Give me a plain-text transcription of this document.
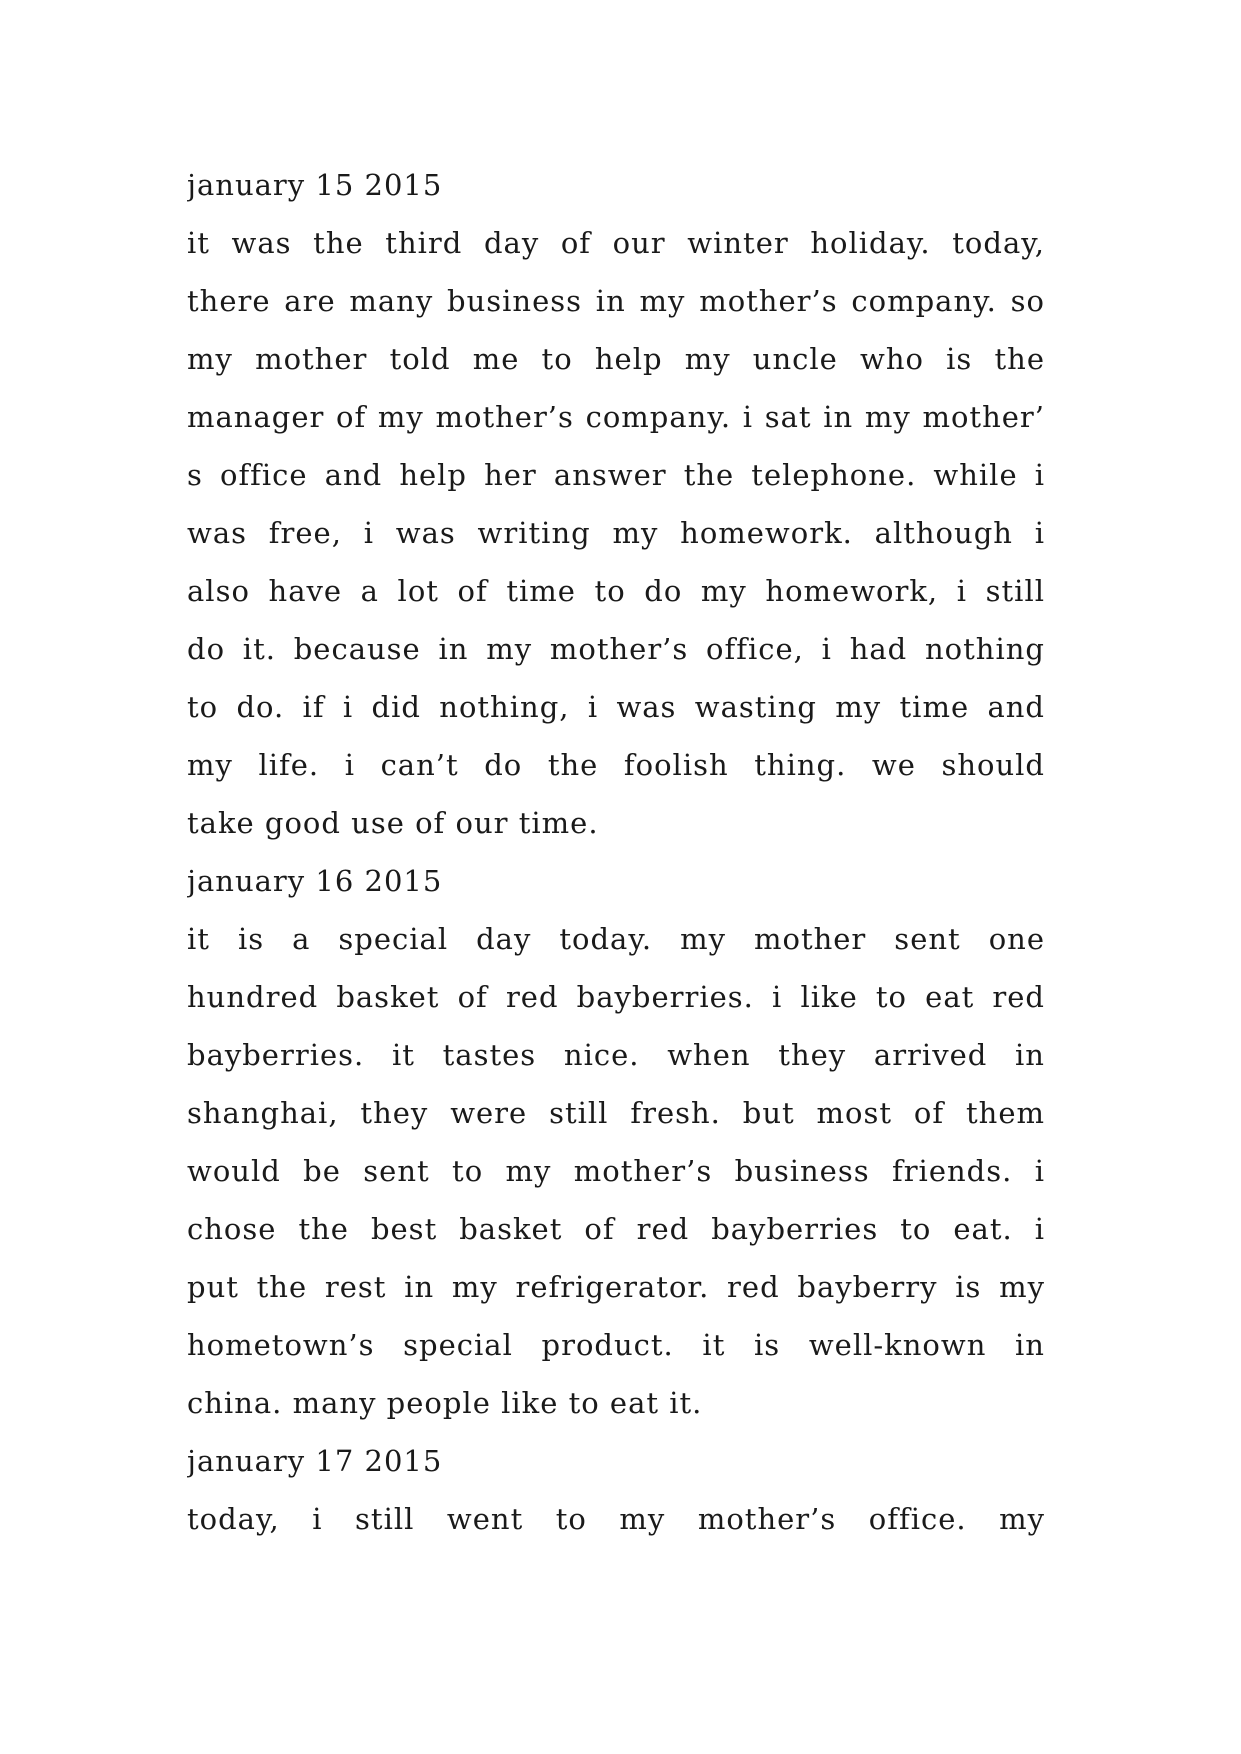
january 15 2015
it was the third day of our winter holiday. today,
there are many business in my mother’s company. so
my mother told me to help my uncle who is the
manager of my mother’s company. i sat in my mother’
s office and help her answer the telephone. while i
was free, i was writing my homework. although i
also have a lot of time to do my homework, i still
do it. because in my mother’s office, i had nothing
to do. if i did nothing, i was wasting my time and
my life. i can’t do the foolish thing. we should
take good use of our time.
january 16 2015
it is a special day today. my mother sent one
hundred basket of red bayberries. i like to eat red
bayberries. it tastes nice. when they arrived in
shanghai, they were still fresh. but most of them
would be sent to my mother’s business friends. i
chose the best basket of red bayberries to eat. i
put the rest in my refrigerator. red bayberry is my
hometown’s special product. it is well-known in
china. many people like to eat it.
january 17 2015
today, i still went to my mother’s office. my
